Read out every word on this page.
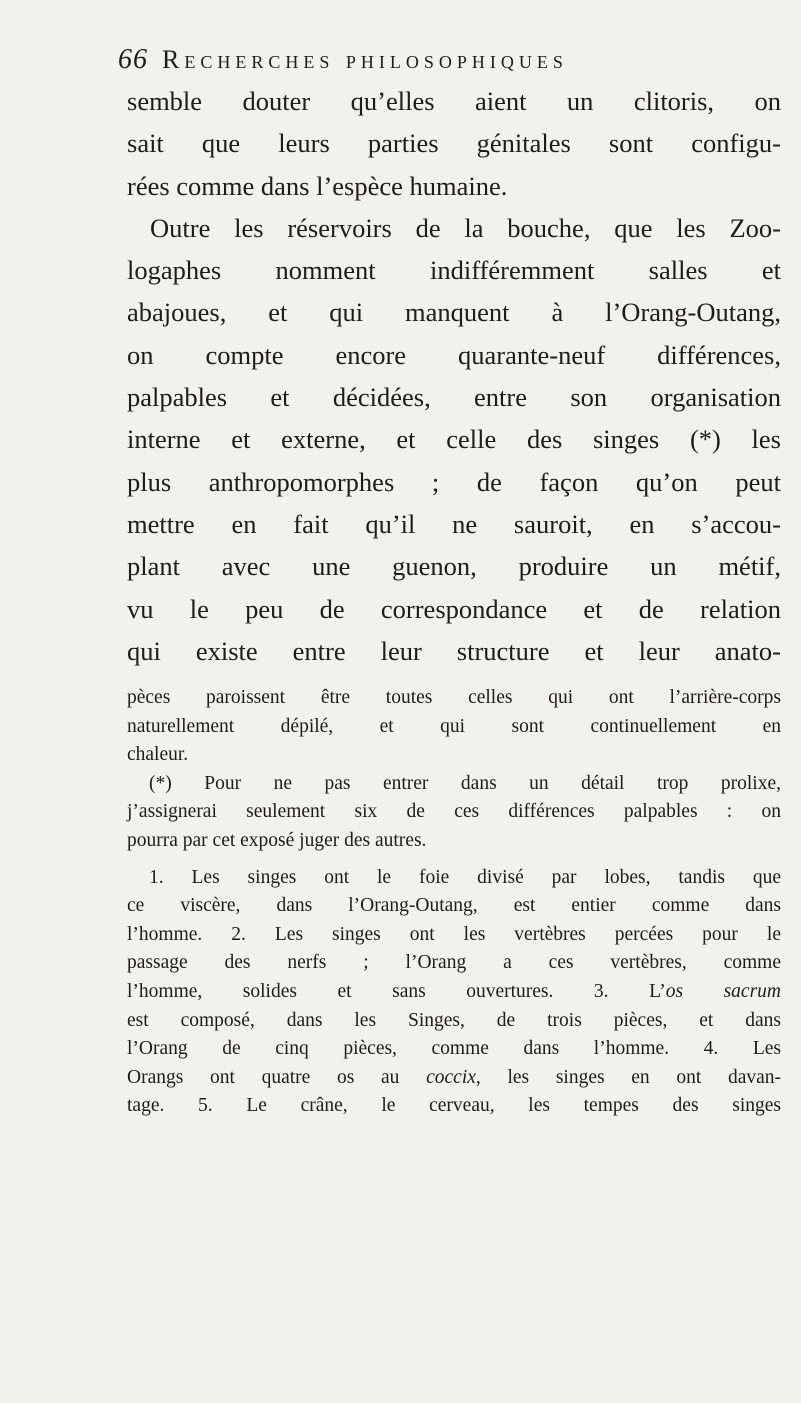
66 Recherches philosophiques
semble douter qu’elles aient un clitoris, on
sait que leurs parties génitales sont configu-
rées comme dans l’espèce humaine.
Outre les réservoirs de la bouche, que les Zoo-
logaphes nomment indifféremment salles et
abajoues, et qui manquent à l’Orang-Outang,
on compte encore quarante-neuf différences,
palpables et décidées, entre son organisation
interne et externe, et celle des singes (*) les
plus anthropomorphes ; de façon qu’on peut
mettre en fait qu’il ne sauroit, en s’accou-
plant avec une guenon, produire un métif,
vu le peu de correspondance et de relation
qui existe entre leur structure et leur anato-
pèces paroissent être toutes celles qui ont l’arrière-corps
naturellement dépilé, et qui sont continuellement en
chaleur.
(*) Pour ne pas entrer dans un détail trop prolixe,
j’assignerai seulement six de ces différences palpables : on
pourra par cet exposé juger des autres.
1. Les singes ont le foie divisé par lobes, tandis que
ce viscère, dans l’Orang-Outang, est entier comme dans
l’homme. 2. Les singes ont les vertèbres percées pour le
passage des nerfs ; l’Orang a ces vertèbres, comme
l’homme, solides et sans ouvertures. 3. L’os sacrum
est composé, dans les Singes, de trois pièces, et dans
l’Orang de cinq pièces, comme dans l’homme. 4. Les
Orangs ont quatre os au coccix, les singes en ont davan-
tage. 5. Le crâne, le cerveau, les tempes des singes
